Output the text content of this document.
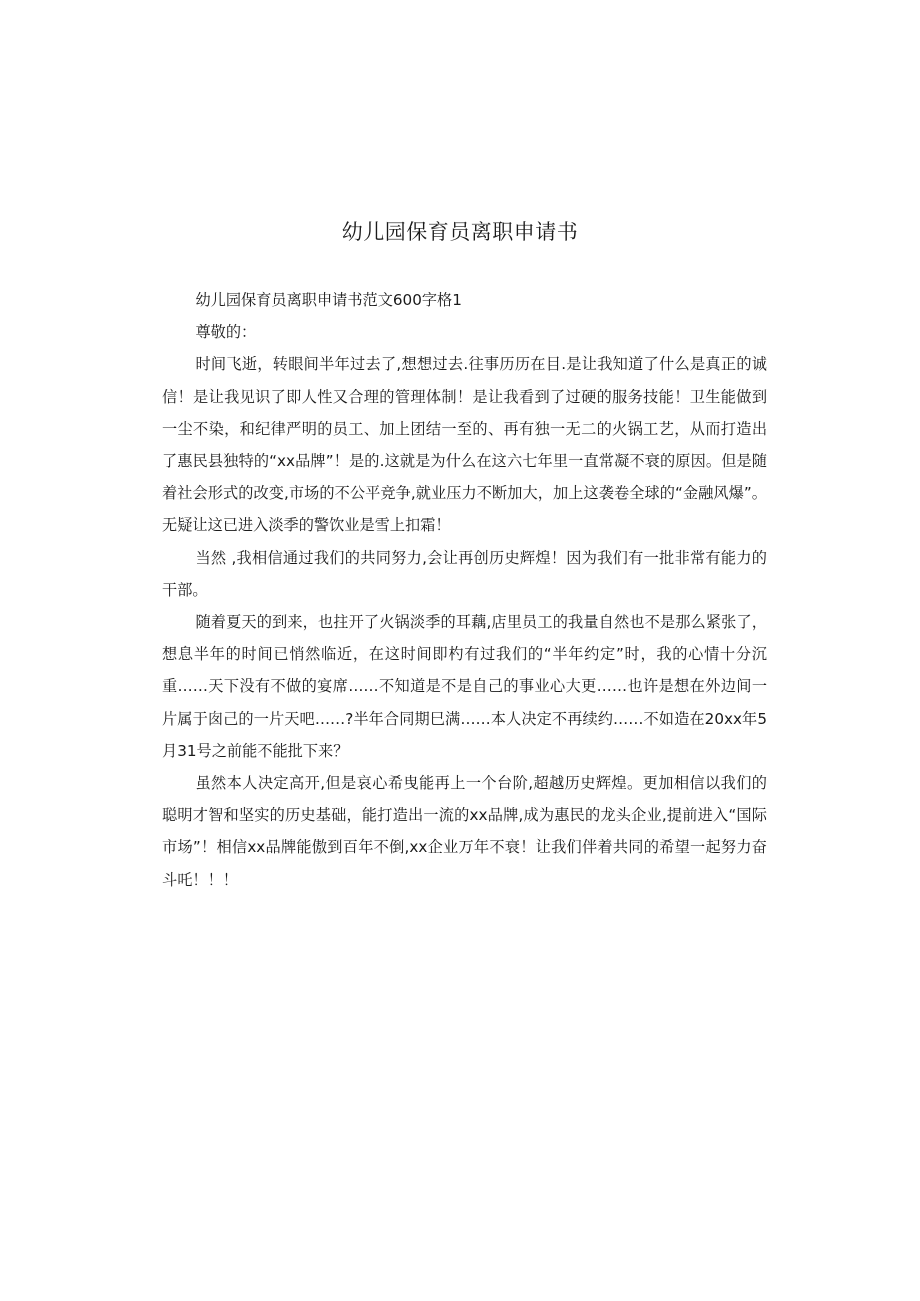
幼儿园保育员离职申请书

幼儿园保育员离职申请书范文600字格1

尊敬的：

时间飞逝，转眼间半年过去了,想想过去.往事历历在目.是让我知道了什么是真正的诚信！是让我见识了即人性又合理的管理体制！是让我看到了过硬的服务技能！卫生能做到一尘不染，和纪律严明的员工、加上团结一至的、再有独一无二的火锅工艺，从而打造出了惠民县独特的“xx品牌”！是的.这就是为什么在这六七年里一直常凝不衰的原因。但是随着社会形式的改变,市场的不公平竞争,就业压力不断加大，加上这袭卷全球的“金融风爆”。无疑让这已进入淡季的警饮业是雪上扣霜！

当然 ,我相信通过我们的共同努力,会让再创历史辉煌！因为我们有一批非常有能力的干部。

随着夏天的到来，也拄开了火锅淡季的耳藕,店里员工的我量自然也不是那么紧张了，想息半年的时间已悄然临近，在这时间即杓有过我们的“半年约定”时，我的心情十分沉重……天下没有不做的宴席……不知道是不是自己的事业心大更……也许是想在外边间一片属于囱己的一片天吧……?半年合同期巳满……本人决定不再续约……不如造在20xx年5月31号之前能不能批下来？

虽然本人决定高开,但是哀心希曳能再上一个台阶,超越历史辉煌。更加相信以我们的聪明才智和坚实的历史基础，能打造出一流的xx品牌,成为惠民的龙头企业,提前进入“国际市场”！相信xx品牌能傲到百年不倒,xx企业万年不衰！让我们伴着共同的希望一起努力奋斗吒！！！
